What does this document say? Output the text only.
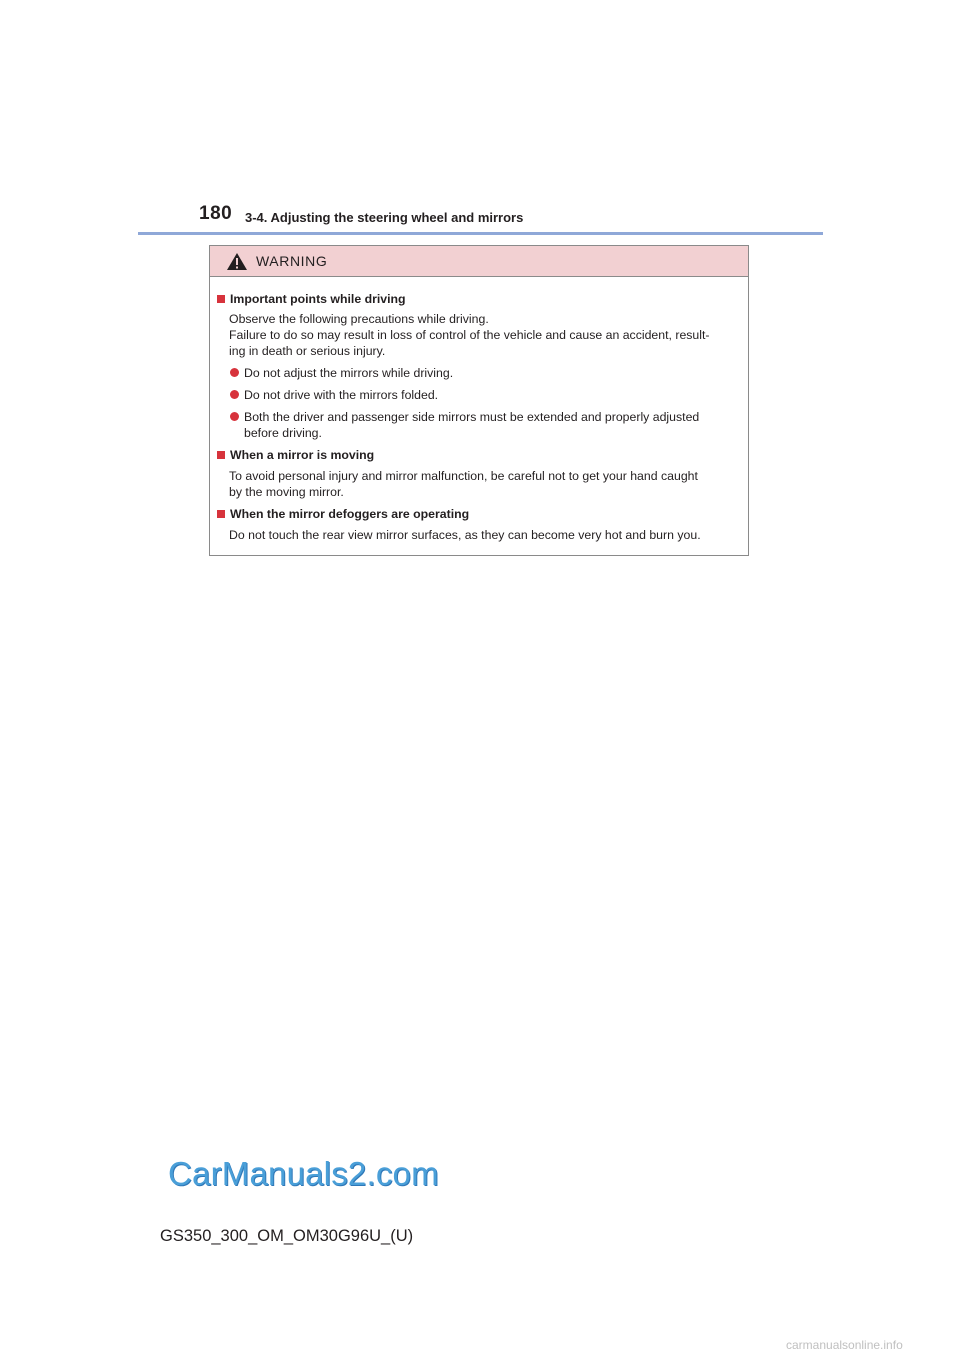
180 3-4. Adjusting the steering wheel and mirrors
WARNING
Important points while driving
Observe the following precautions while driving.
Failure to do so may result in loss of control of the vehicle and cause an accident, result-
ing in death or serious injury.
Do not adjust the mirrors while driving.
Do not drive with the mirrors folded.
Both the driver and passenger side mirrors must be extended and properly adjusted
before driving.
When a mirror is moving
To avoid personal injury and mirror malfunction, be careful not to get your hand caught
by the moving mirror.
When the mirror defoggers are operating
Do not touch the rear view mirror surfaces, as they can become very hot and burn you.
CarManuals2.com
GS350_300_OM_OM30G96U_(U)
carmanualsonline.info
